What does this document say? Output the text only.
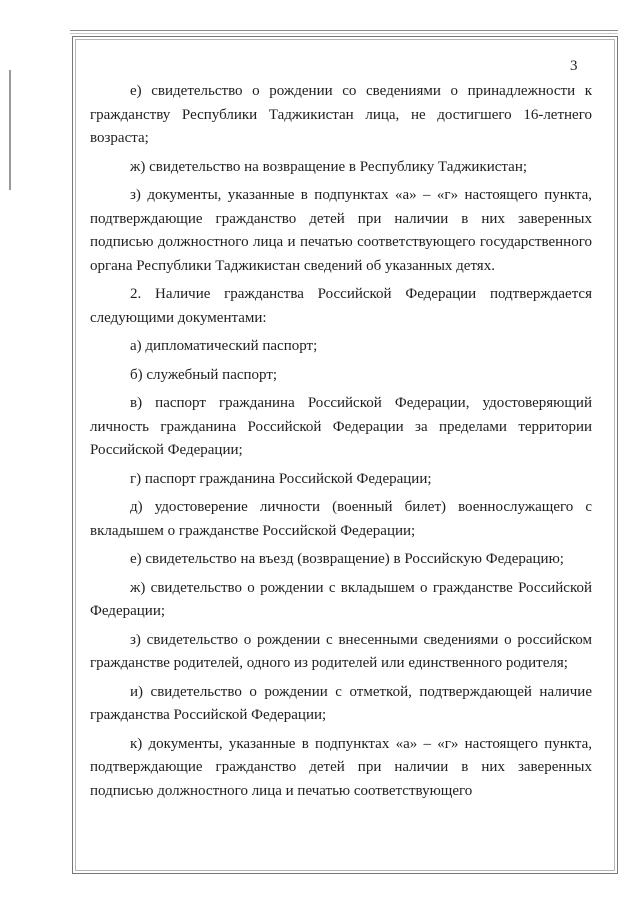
3

е) свидетельство о рождении со сведениями о принадлежности к гражданству Республики Таджикистан лица, не достигшего 16-летнего возраста;

ж) свидетельство на возвращение в Республику Таджикистан;

з) документы, указанные в подпунктах «а» – «г» настоящего пункта, подтверждающие гражданство детей при наличии в них заверенных подписью должностного лица и печатью соответствующего государственного органа Республики Таджикистан сведений об указанных детях.

2. Наличие гражданства Российской Федерации подтверждается следующими документами:

а) дипломатический паспорт;

б) служебный паспорт;

в) паспорт гражданина Российской Федерации, удостоверяющий личность гражданина Российской Федерации за пределами территории Российской Федерации;

г) паспорт гражданина Российской Федерации;

д) удостоверение личности (военный билет) военнослужащего с вкладышем о гражданстве Российской Федерации;

е) свидетельство на въезд (возвращение) в Российскую Федерацию;

ж) свидетельство о рождении с вкладышем о гражданстве Российской Федерации;

з) свидетельство о рождении с внесенными сведениями о российском гражданстве родителей, одного из родителей или единственного родителя;

и) свидетельство о рождении с отметкой, подтверждающей наличие гражданства Российской Федерации;

к) документы, указанные в подпунктах «а» – «г» настоящего пункта, подтверждающие гражданство детей при наличии в них заверенных подписью должностного лица и печатью соответствующего
